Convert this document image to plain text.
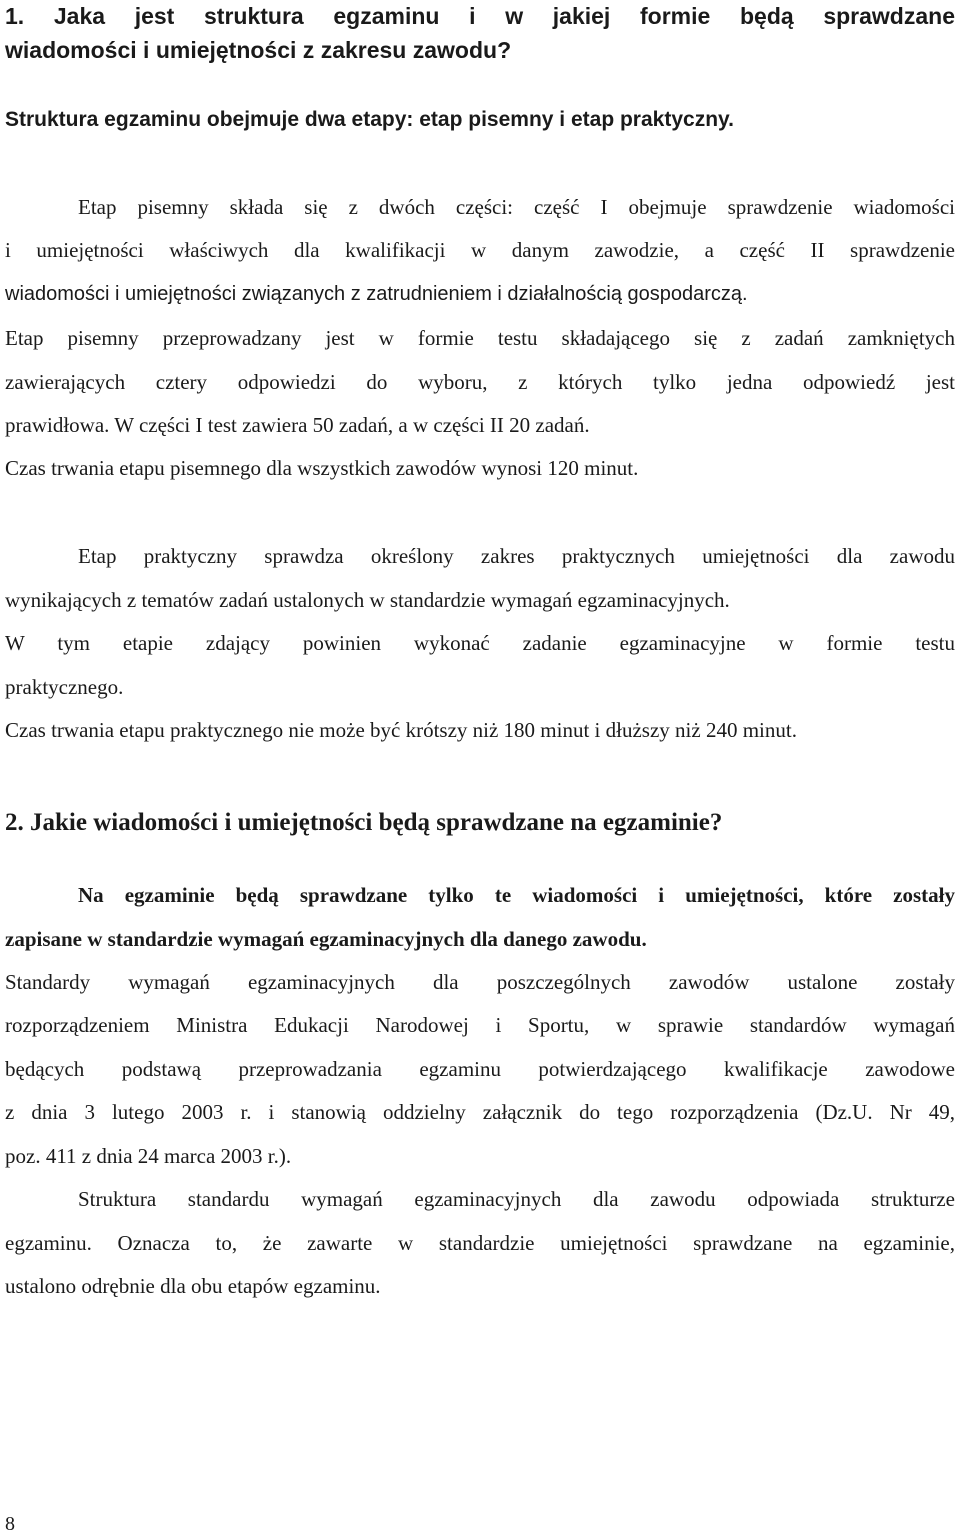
1. Jaka jest struktura egzaminu i w jakiej formie będą sprawdzane
wiadomości i umiejętności z zakresu zawodu?
Struktura egzaminu obejmuje dwa etapy: etap pisemny i etap praktyczny.
Etap pisemny składa się z dwóch części: część I obejmuje sprawdzenie wiadomości
i umiejętności właściwych dla kwalifikacji w danym zawodzie, a część II sprawdzenie
wiadomości i umiejętności związanych z zatrudnieniem i działalnością gospodarczą.
Etap pisemny przeprowadzany jest w formie testu składającego się z zadań zamkniętych
zawierających cztery odpowiedzi do wyboru, z których tylko jedna odpowiedź jest
prawidłowa. W części I test zawiera 50 zadań, a w części II 20 zadań.
Czas trwania etapu pisemnego dla wszystkich zawodów wynosi 120 minut.
Etap praktyczny sprawdza określony zakres praktycznych umiejętności dla zawodu
wynikających z tematów zadań ustalonych w standardzie wymagań egzaminacyjnych.
W tym etapie zdający powinien wykonać zadanie egzaminacyjne w formie testu
praktycznego.
Czas trwania etapu praktycznego nie może być krótszy niż 180 minut i dłuższy niż 240 minut.
2. Jakie wiadomości i umiejętności będą sprawdzane na egzaminie?
Na egzaminie będą sprawdzane tylko te wiadomości i umiejętności, które zostały
zapisane w standardzie wymagań egzaminacyjnych dla danego zawodu.
Standardy wymagań egzaminacyjnych dla poszczególnych zawodów ustalone zostały
rozporządzeniem Ministra Edukacji Narodowej i Sportu, w sprawie standardów wymagań
będących podstawą przeprowadzania egzaminu potwierdzającego kwalifikacje zawodowe
z dnia 3 lutego 2003 r. i stanowią oddzielny załącznik do tego rozporządzenia (Dz.U. Nr 49,
poz. 411 z dnia 24 marca 2003 r.).
Struktura standardu wymagań egzaminacyjnych dla zawodu odpowiada strukturze
egzaminu. Oznacza to, że zawarte w standardzie umiejętności sprawdzane na egzaminie,
ustalono odrębnie dla obu etapów egzaminu.
8
